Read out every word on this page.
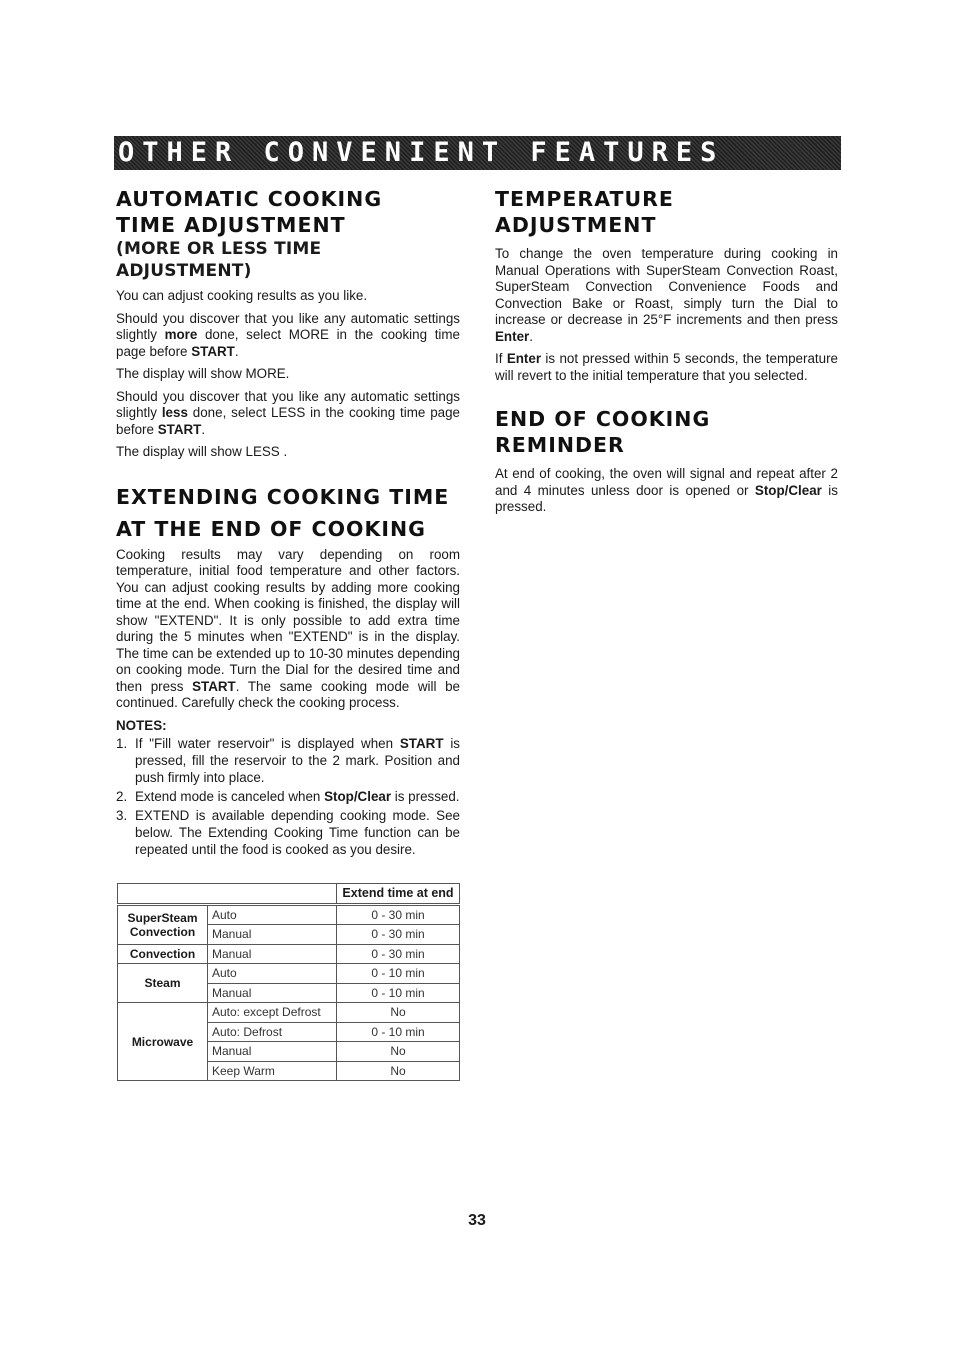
OTHER CONVENIENT FEATURES
AUTOMATIC COOKING
TIME ADJUSTMENT
(MORE OR LESS TIME ADJUSTMENT)

You can adjust cooking results as you like.

Should you discover that you like any automatic settings slightly more done, select MORE in the cooking time page before START.

The display will show MORE.

Should you discover that you like any automatic settings slightly less done, select LESS in the cooking time page before START.

The display will show LESS .

EXTENDING COOKING TIME
AT THE END OF COOKING

Cooking results may vary depending on room temperature, initial food temperature and other factors. You can adjust cooking results by adding more cooking time at the end. When cooking is finished, the display will show "EXTEND". It is only possible to add extra time during the 5 minutes when "EXTEND" is in the display. The time can be extended up to 10-30 minutes depending on cooking mode. Turn the Dial for the desired time and then press START. The same cooking mode will be continued. Carefully check the cooking process.

NOTES:
1. If "Fill water reservoir" is displayed when START is pressed, fill the reservoir to the 2 mark. Position and push firmly into place.
2. Extend mode is canceled when Stop/Clear is pressed.
3. EXTEND is available depending cooking mode. See below. The Extending Cooking Time function can be repeated until the food is cooked as you desire.
		Extend time at end
SuperSteam Convection	Auto	0 - 30 min
	Manual	0 - 30 min
Convection	Manual	0 - 30 min
Steam	Auto	0 - 10 min
	Manual	0 - 10 min
Microwave	Auto: except Defrost	No
	Auto: Defrost	0 - 10 min
	Manual	No
	Keep Warm	No
TEMPERATURE
ADJUSTMENT

To change the oven temperature during cooking in Manual Operations with SuperSteam Convection Roast, SuperSteam Convection Convenience Foods and Convection Bake or Roast, simply turn the Dial to increase or decrease in 25°F increments and then press Enter.

If Enter is not pressed within 5 seconds, the temperature will revert to the initial temperature that you selected.

END OF COOKING
REMINDER

At end of cooking, the oven will signal and repeat after 2 and 4 minutes unless door is opened or Stop/Clear is pressed.

33
